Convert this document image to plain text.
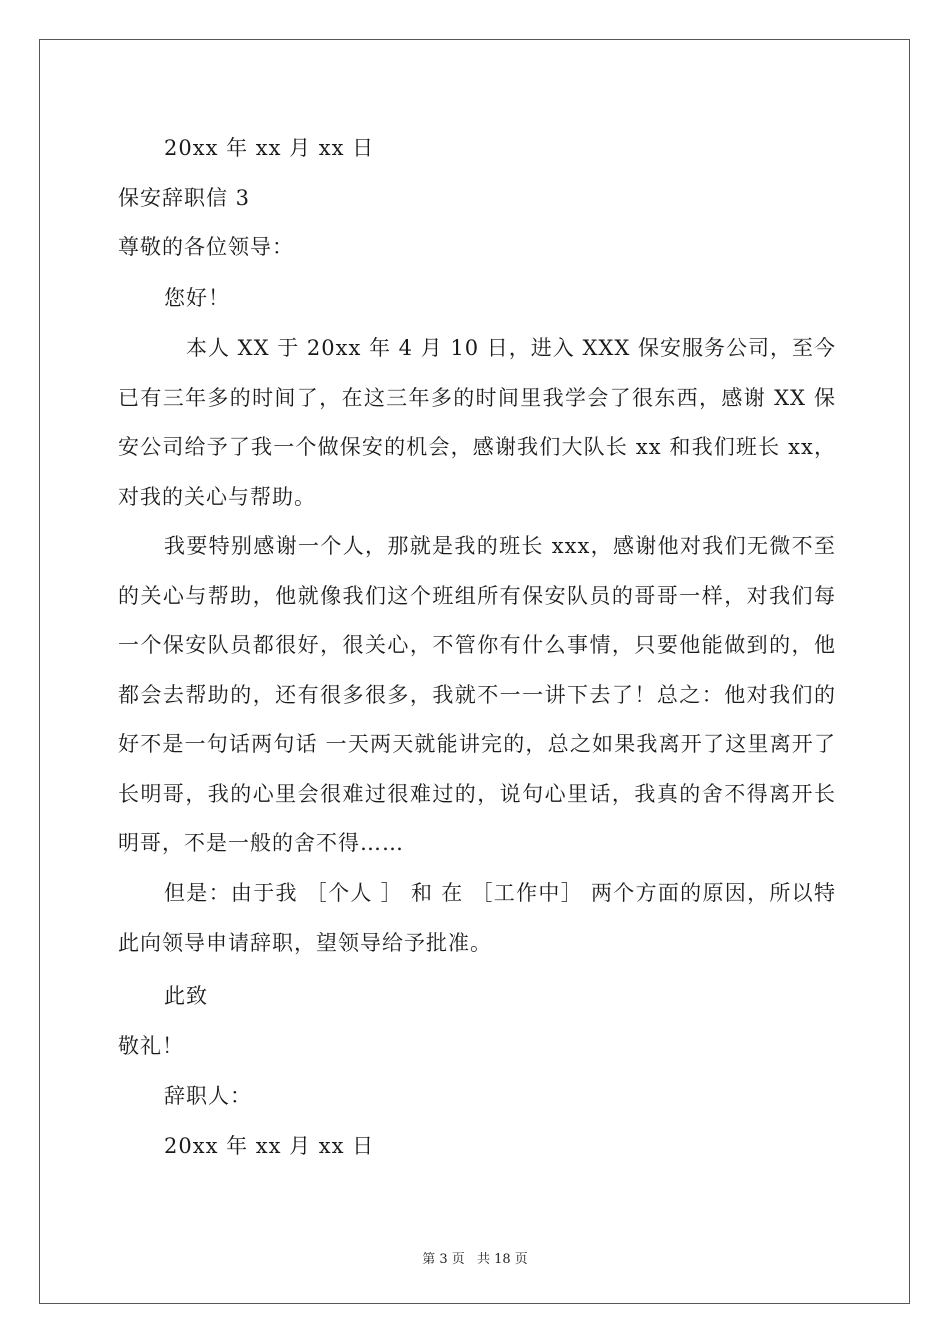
20xx 年 xx 月 xx 日
保安辞职信 3
尊敬的各位领导：
您好！
　本人 XX 于 20xx 年 4 月 10 日，进入 XXX 保安服务公司，至今已有三年多的时间了，在这三年多的时间里我学会了很东西，感谢 XX 保安公司给予了我一个做保安的机会，感谢我们大队长 xx 和我们班长 xx，对我的关心与帮助。
我要特别感谢一个人，那就是我的班长 xxx，感谢他对我们无微不至的关心与帮助，他就像我们这个班组所有保安队员的哥哥一样，对我们每一个保安队员都很好，很关心，不管你有什么事情，只要他能做到的，他都会去帮助的，还有很多很多，我就不一一讲下去了！总之：他对我们的好不是一句话两句话 一天两天就能讲完的，总之如果我离开了这里离开了长明哥，我的心里会很难过很难过的，说句心里话，我真的舍不得离开长明哥，不是一般的舍不得……
但是：由于我 ［个人 ］ 和 在 ［工作中］ 两个方面的原因，所以特此向领导申请辞职，望领导给予批准。
此致
敬礼！
辞职人：
20xx 年 xx 月 xx 日
第 3 页 共 18 页
